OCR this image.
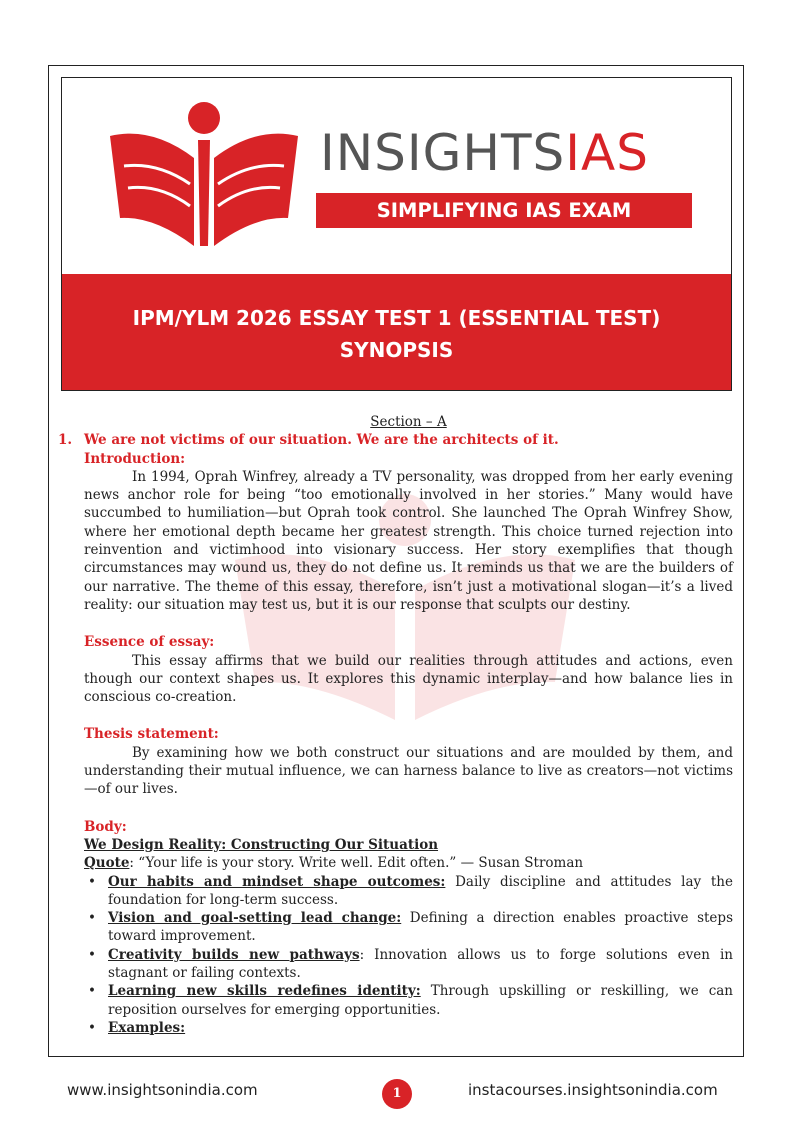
INSIGHTSIAS
SIMPLIFYING IAS EXAM PREPARATION
IPM/YLM 2026 ESSAY TEST 1 (ESSENTIAL TEST)
SYNOPSIS

Section – A

1. We are not victims of our situation. We are the architects of it.

Introduction:

In 1994, Oprah Winfrey, already a TV personality, was dropped from her early evening news anchor role for being “too emotionally involved in her stories.” Many would have succumbed to humiliation—but Oprah took control. She launched The Oprah Winfrey Show, where her emotional depth became her greatest strength. This choice turned rejection into reinvention and victimhood into visionary success. Her story exemplifies that though circumstances may wound us, they do not define us. It reminds us that we are the builders of our narrative. The theme of this essay, therefore, isn’t just a motivational slogan—it’s a lived reality: our situation may test us, but it is our response that sculpts our destiny.

Essence of essay:

This essay affirms that we build our realities through attitudes and actions, even though our context shapes us. It explores this dynamic interplay—and how balance lies in conscious co-creation.

Thesis statement:

By examining how we both construct our situations and are moulded by them, and understanding their mutual influence, we can harness balance to live as creators—not victims—of our lives.

Body:

We Design Reality: Constructing Our Situation

Quote: “Your life is your story. Write well. Edit often.” — Susan Stroman

• Our habits and mindset shape outcomes: Daily discipline and attitudes lay the foundation for long-term success.
• Vision and goal-setting lead change: Defining a direction enables proactive steps toward improvement.
• Creativity builds new pathways: Innovation allows us to forge solutions even in stagnant or failing contexts.
• Learning new skills redefines identity: Through upskilling or reskilling, we can reposition ourselves for emerging opportunities.
• Examples:
www.insightsonindia.com	1	instacourses.insightsonindia.com
